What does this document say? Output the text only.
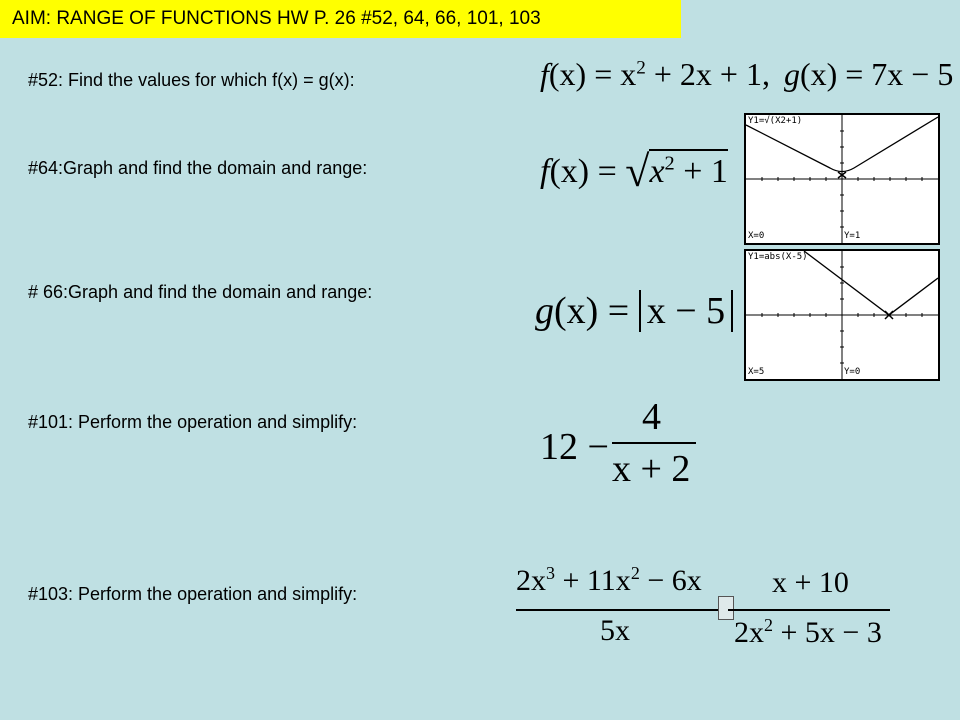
AIM: RANGE OF FUNCTIONS HW P. 26 #52, 64, 66, 101, 103
#52: Find the values for which f(x) = g(x):
#64:Graph and find the domain and range:
# 66:Graph and find the domain and range:
#101: Perform the operation and simplify:
#103: Perform the operation and simplify:
$f(x) = x^2 + 2x + 1$, g(x) = 7x − 5
$f(x) = √x^2 + 1$
g(x) = x − 5
12 −
4
x + 2
$2x^3 + 11x^2 - 6x$
5x
x + 10
$2x^2 + 5x - 3$
Y1=√(X2+1)
X=0	Y=1
Y1=abs(X-5)
X=5	Y=0
